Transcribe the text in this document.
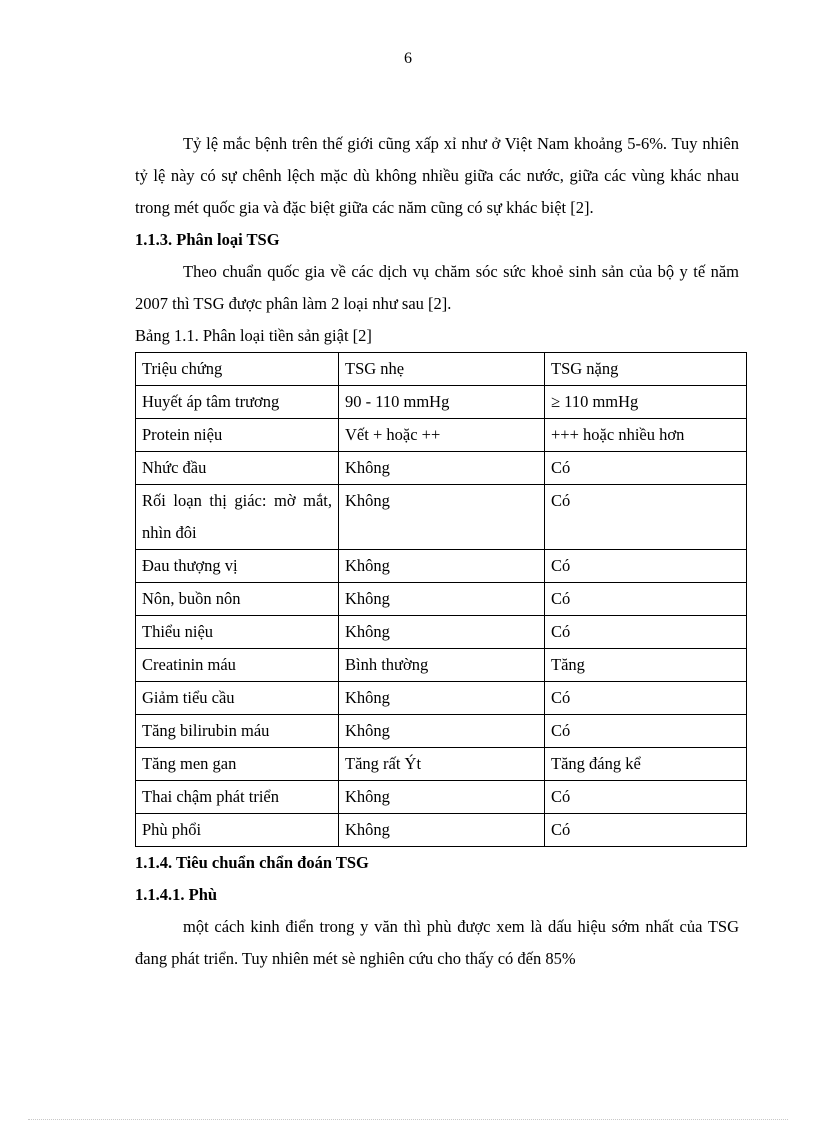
6

Tỷ lệ mắc bệnh trên thế giới cũng xấp xỉ như ở Việt Nam khoảng 5-6%. Tuy nhiên tỷ lệ này có sự chênh lệch mặc dù không nhiều giữa các nước, giữa các vùng khác nhau trong mét quốc gia và đặc biệt giữa các năm cũng có sự khác biệt [2].

1.1.3. Phân loại TSG

Theo chuẩn quốc gia về các dịch vụ chăm sóc sức khoẻ sinh sản của bộ y tế năm 2007 thì TSG được phân làm 2 loại như sau [2].

Bảng 1.1. Phân loại tiền sản giật [2]

Triệu chứng	TSG nhẹ	TSG nặng
Huyết áp tâm trương	90 - 110 mmHg	≥ 110 mmHg
Protein niệu	Vết + hoặc ++	+++ hoặc nhiều hơn
Nhức đầu	Không	Có
Rối loạn thị giác: mờ mắt, nhìn đôi	Không	Có
Đau thượng vị	Không	Có
Nôn, buồn nôn	Không	Có
Thiểu niệu	Không	Có
Creatinin máu	Bình thường	Tăng
Giảm tiểu cầu	Không	Có
Tăng bilirubin máu	Không	Có
Tăng men gan	Tăng rất Ýt	Tăng đáng kể
Thai chậm phát triển	Không	Có
Phù phổi	Không	Có

1.1.4. Tiêu chuẩn chẩn đoán TSG

1.1.4.1. Phù

một cách kinh điển trong y văn thì phù được xem là dấu hiệu sớm nhất của TSG đang phát triển. Tuy nhiên mét sè nghiên cứu cho thấy có đến 85%
